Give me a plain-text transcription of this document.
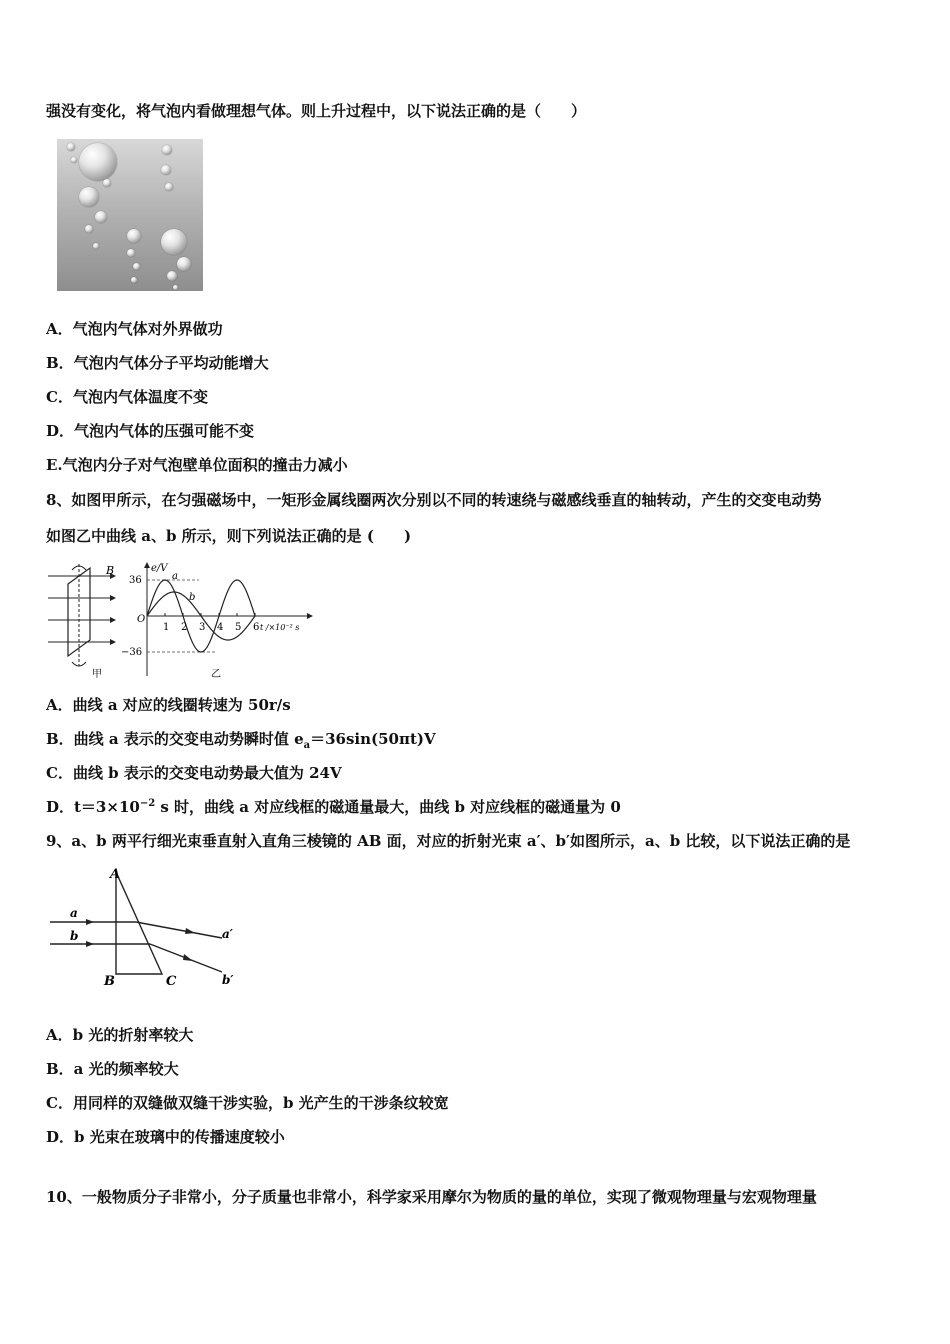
强没有变化，将气泡内看做理想气体。则上升过程中，以下说法正确的是（　　）
A．气泡内气体对外界做功
B．气泡内气体分子平均动能增大
C．气泡内气体温度不变
D．气泡内气体的压强可能不变
E.气泡内分子对气泡壁单位面积的撞击力减小
8、如图甲所示，在匀强磁场中，一矩形金属线圈两次分别以不同的转速绕与磁感线垂直的轴转动，产生的交变电动势
如图乙中曲线 a、b 所示，则下列说法正确的是 (　　)
B
甲
e/V
36
−36
O
1 2 3 4 5 6 t /×10⁻² s
a
b
乙
A．曲线 a 对应的线圈转速为 50r/s
B．曲线 a 表示的交变电动势瞬时值 $e_a=36\sin(50\pi t)V$
C．曲线 b 表示的交变电动势最大值为 24V
D．$t=3\times 10^{-2}$ s 时，曲线 a 对应线框的磁通量最大，曲线 b 对应线框的磁通量为 0
9、a、b 两平行细光束垂直射入直角三棱镜的 AB 面，对应的折射光束 a′、b′如图所示，a、b 比较，以下说法正确的是
A
B	C
a
b	a′
b′
A．b 光的折射率较大
B．a 光的频率较大
C．用同样的双缝做双缝干涉实验，b 光产生的干涉条纹较宽
D．b 光束在玻璃中的传播速度较小
10、一般物质分子非常小，分子质量也非常小，科学家采用摩尔为物质的量的单位，实现了微观物理量与宏观物理量
